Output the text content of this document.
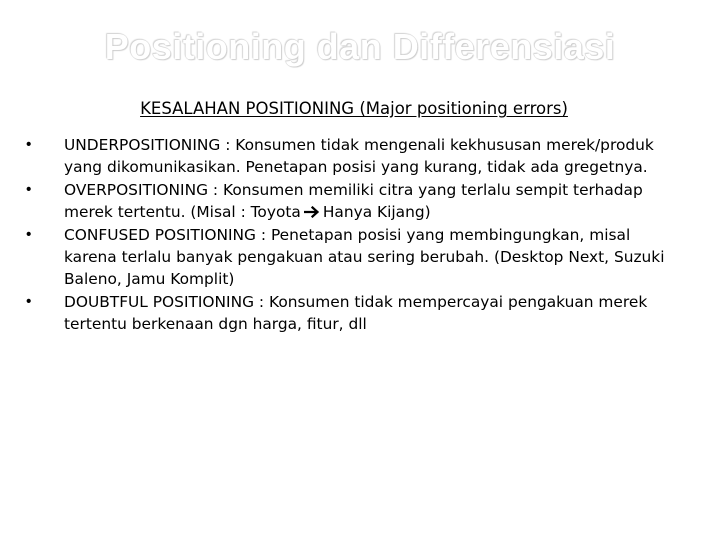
Positioning dan Differensiasi

KESALAHAN POSITIONING (Major positioning errors)

•	UNDERPOSITIONING : Konsumen tidak mengenali kekhususan merek/produk yang dikomunikasikan. Penetapan posisi yang kurang, tidak ada gregetnya.
•	OVERPOSITIONING : Konsumen memiliki citra yang terlalu sempit terhadap merek tertentu. (Misal : Toyota Hanya Kijang)
•	CONFUSED POSITIONING : Penetapan posisi yang membingungkan, misal karena terlalu banyak pengakuan atau sering berubah. (Desktop Next, Suzuki Baleno, Jamu Komplit)
•	DOUBTFUL POSITIONING : Konsumen tidak mempercayai pengakuan merek tertentu berkenaan dgn harga, fitur, dll
